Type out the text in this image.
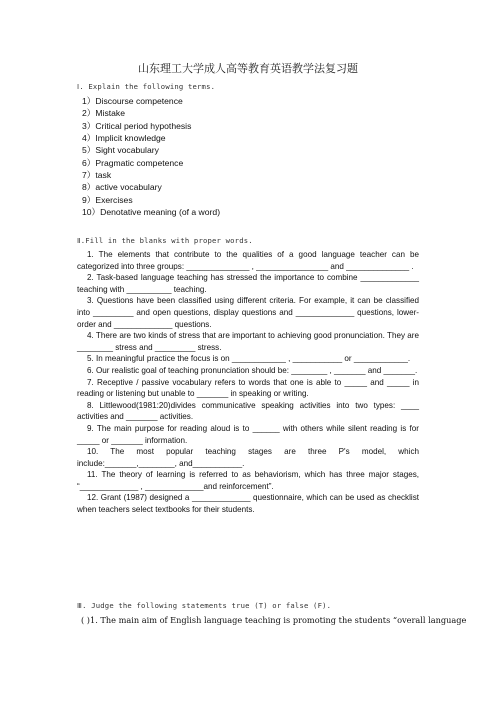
山东理工大学成人高等教育英语教学法复习题
Ⅰ. Explain the following terms.
1）Discourse competence
2）Mistake
3）Critical period hypothesis
4）Implicit knowledge
5）Sight vocabulary
6）Pragmatic competence
7）task
8）active vocabulary
9）Exercises
10）Denotative meaning (of a word)
Ⅱ.Fill in the blanks with proper words.

1. The elements that contribute to the qualities of a good language teacher can be categorized into three groups: ______________ , ________________ and ______________ .

2. Task-based language teaching has stressed the importance to combine _____________ teaching with __________ teaching.

3. Questions have been classified using different criteria. For example, it can be classified into _________ and open questions, display questions and _____________ questions, lower-order and _____________ questions.

4. There are two kinds of stress that are important to achieving good pronunciation. They are ________ stress and _________ stress.

5. In meaningful practice the focus is on ____________ , ___________ or ____________.

6. Our realistic goal of teaching pronunciation should be: ________ , _______ and _______.

7. Receptive / passive vocabulary refers to words that one is able to _____ and _____ in reading or listening but unable to _______ in speaking or writing.

8. Littlewood(1981:20)divides communicative speaking activities into two types: ____ activities and _______ activities.

9. The main purpose for reading aloud is to ______ with others while silent reading is for _____ or _______ information.

10. The most popular teaching stages are three P's model, which include:_______,________, and___________.

11. The theory of learning is referred to as behaviorism, which has three major stages, “_____________ , _____________and reinforcement”.

12. Grant (1987) designed a _____________ questionnaire, which can be used as checklist when teachers select textbooks for their students.

Ⅲ. Judge the following statements true (T) or false (F).
( )1. The main aim of English language teaching is promoting the students “overall language
